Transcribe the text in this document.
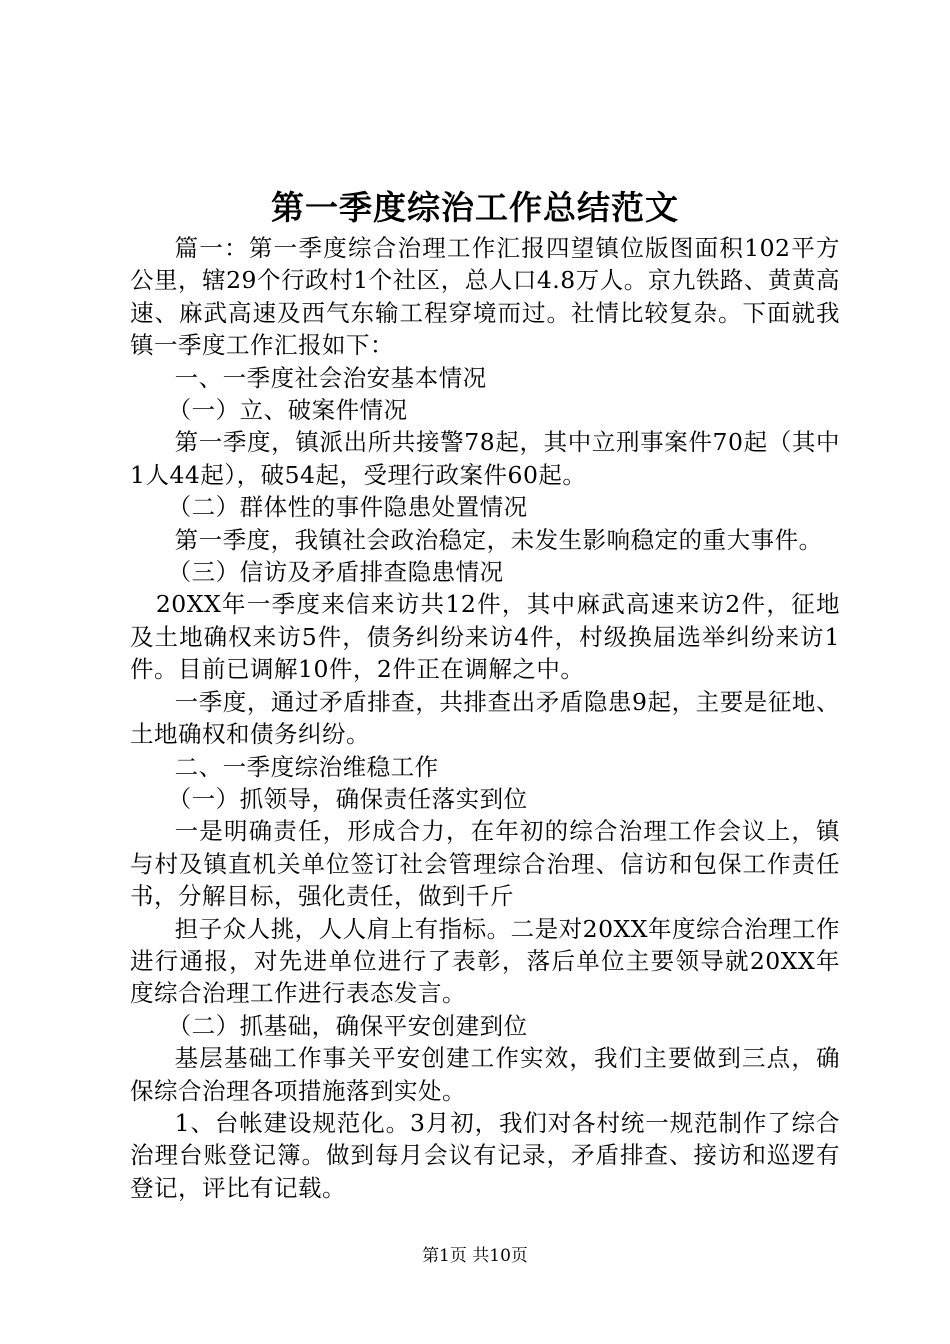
第一季度综治工作总结范文

篇一：第一季度综合治理工作汇报四望镇位版图面积102平方公里，辖29个行政村1个社区，总人口4.8万人。京九铁路、黄黄高速、麻武高速及西气东输工程穿境而过。社情比较复杂。下面就我镇一季度工作汇报如下：

一、一季度社会治安基本情况

（一）立、破案件情况

第一季度，镇派出所共接警78起，其中立刑事案件70起（其中1人44起），破54起，受理行政案件60起。

（二）群体性的事件隐患处置情况

第一季度，我镇社会政治稳定，未发生影响稳定的重大事件。

（三）信访及矛盾排查隐患情况

20XX年一季度来信来访共12件，其中麻武高速来访2件，征地及土地确权来访5件，债务纠纷来访4件，村级换届选举纠纷来访1件。目前已调解10件，2件正在调解之中。

一季度，通过矛盾排查，共排查出矛盾隐患9起，主要是征地、土地确权和债务纠纷。

二、一季度综治维稳工作

（一）抓领导，确保责任落实到位

一是明确责任，形成合力，在年初的综合治理工作会议上，镇与村及镇直机关单位签订社会管理综合治理、信访和包保工作责任书，分解目标，强化责任，做到千斤

担子众人挑，人人肩上有指标。二是对20XX年度综合治理工作进行通报，对先进单位进行了表彰，落后单位主要领导就20XX年度综合治理工作进行表态发言。

（二）抓基础，确保平安创建到位

基层基础工作事关平安创建工作实效，我们主要做到三点，确保综合治理各项措施落到实处。

1、台帐建设规范化。3月初，我们对各村统一规范制作了综合治理台账登记簿。做到每月会议有记录，矛盾排查、接访和巡逻有登记，评比有记载。

第1页 共10页
